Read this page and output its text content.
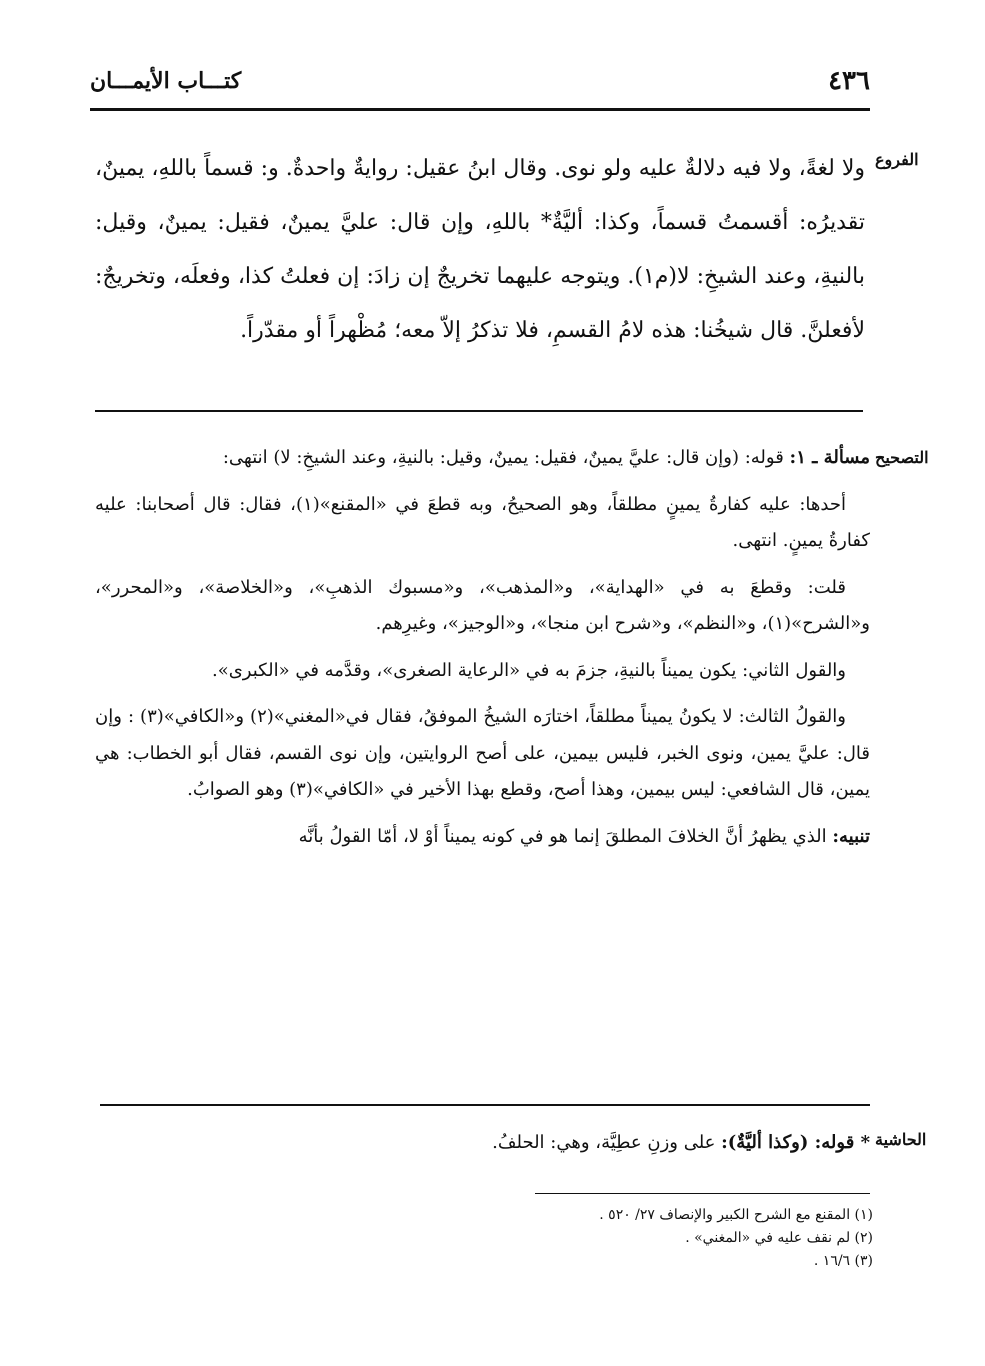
٤٣٦
كتـــاب الأيمـــان
الفروع
ولا لغةً، ولا فيه دلالةٌ عليه ولو نوى. وقال ابنُ عقيل: روايةٌ واحدةٌ. و: قسماً باللهِ، يمينٌ، تقديرُه: أقسمتُ قسماً، وكذا: أليَّةٌ* باللهِ، وإن قال: عليَّ يمينٌ، فقيل: يمينٌ، وقيل: بالنيةِ، وعند الشيخِ: لا(م١). ويتوجه عليهما تخريجٌ إن زادَ: إن فعلتُ كذا، وفعلَه، وتخريجٌ: لأفعلنَّ. قال شيخُنا: هذه لامُ القسمِ، فلا تذكرُ إلاّ معه؛ مُظْهراً أو مقدّراً.
التصحيح

مسألة ـ ١: قوله: (وإن قال: عليَّ يمينٌ، فقيل: يمينٌ، وقيل: بالنيةِ، وعند الشيخِ: لا) انتهى:

أحدها: عليه كفارةُ يمينٍ مطلقاً، وهو الصحيحُ، وبه قطعَ في «المقنع»(١)، فقال: قال أصحابنا: عليه كفارةُ يمينٍ. انتهى.

قلت: وقطعَ به في «الهداية»، و«المذهب»، و«مسبوك الذهبِ»، و«الخلاصة»، و«المحرر»، و«الشرح»(١)، و«النظم»، و«شرح ابن منجا»، و«الوجيز»، وغيرِهم.

والقول الثاني: يكون يميناً بالنيةِ، جزمَ به في «الرعاية الصغرى»، وقدَّمه في «الكبرى».

والقولُ الثالث: لا يكونُ يميناً مطلقاً، اختارَه الشيخُ الموفقُ، فقال في«المغني»(٢) و«الكافي»(٣) : وإن قال: عليَّ يمين، ونوى الخبر، فليس بيمين، على أصح الروايتين، وإن نوى القسم، فقال أبو الخطاب: هي يمين، قال الشافعي: ليس بيمين، وهذا أصح، وقطع بهذا الأخير في «الكافي»(٣) وهو الصوابُ.

تنبيه: الذي يظهرُ أنَّ الخلافَ المطلقَ إنما هو في كونه يميناً أوْ لا، أمّا القولُ بأنَّه

الحاشية
* قوله: (وكذا أليَّةٌ): على وزنِ عطِيَّة، وهي: الحلفُ.
(١) المقنع مع الشرح الكبير والإنصاف ٢٧/ ٥٢٠ .
(٢) لم نقف عليه في «المغني» .
(٣) ١٦/٦ .
